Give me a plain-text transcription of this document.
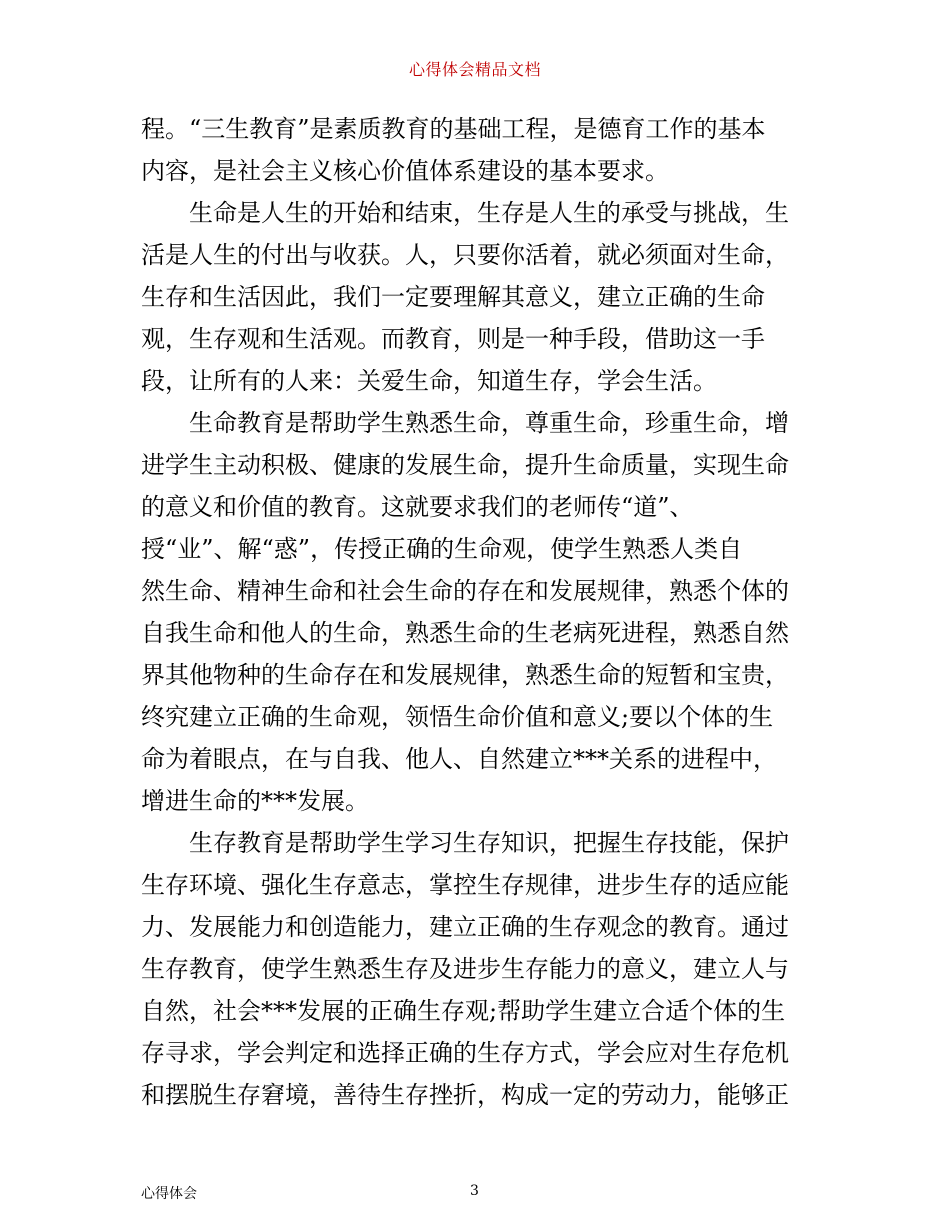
心得体会精品文档
程。“三生教育”是素质教育的基础工程，是德育工作的基本
内容，是社会主义核心价值体系建设的基本要求。
　　生命是人生的开始和结束，生存是人生的承受与挑战，生
活是人生的付出与收获。人，只要你活着，就必须面对生命，
生存和生活因此，我们一定要理解其意义，建立正确的生命
观，生存观和生活观。而教育，则是一种手段，借助这一手
段，让所有的人来：关爱生命，知道生存，学会生活。
　　生命教育是帮助学生熟悉生命，尊重生命，珍重生命，增
进学生主动积极、健康的发展生命，提升生命质量，实现生命
的意义和价值的教育。这就要求我们的老师传“道”、
授“业”、解“惑”，传授正确的生命观，使学生熟悉人类自
然生命、精神生命和社会生命的存在和发展规律，熟悉个体的
自我生命和他人的生命，熟悉生命的生老病死进程，熟悉自然
界其他物种的生命存在和发展规律，熟悉生命的短暂和宝贵，
终究建立正确的生命观，领悟生命价值和意义;要以个体的生
命为着眼点，在与自我、他人、自然建立***关系的进程中，
增进生命的***发展。
　　生存教育是帮助学生学习生存知识，把握生存技能，保护
生存环境、强化生存意志，掌控生存规律，进步生存的适应能
力、发展能力和创造能力，建立正确的生存观念的教育。通过
生存教育，使学生熟悉生存及进步生存能力的意义，建立人与
自然，社会***发展的正确生存观;帮助学生建立合适个体的生
存寻求，学会判定和选择正确的生存方式，学会应对生存危机
和摆脱生存窘境，善待生存挫折，构成一定的劳动力，能够正
心得体会	3
